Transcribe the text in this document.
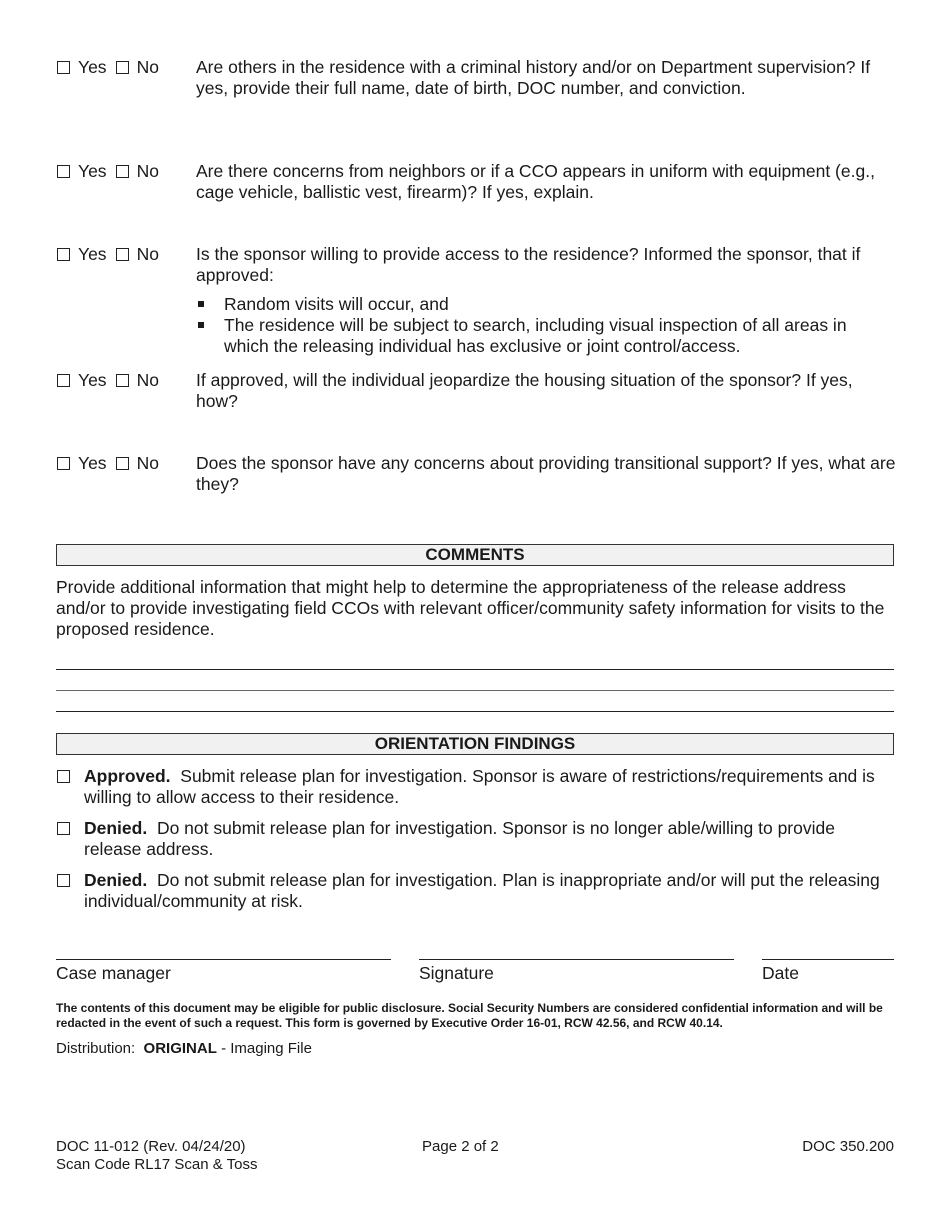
Yes No	Are others in the residence with a criminal history and/or on Department supervision? If yes, provide their full name, date of birth, DOC number, and conviction.
Yes No	Are there concerns from neighbors or if a CCO appears in uniform with equipment (e.g., cage vehicle, ballistic vest, firearm)? If yes, explain.
Yes No	Is the sponsor willing to provide access to the residence? Informed the sponsor, that if approved:
Random visits will occur, and
The residence will be subject to search, including visual inspection of all areas in which the releasing individual has exclusive or joint control/access.
Yes No	If approved, will the individual jeopardize the housing situation of the sponsor? If yes, how?
Yes No	Does the sponsor have any concerns about providing transitional support? If yes, what are they?
COMMENTS
Provide additional information that might help to determine the appropriateness of the release address and/or to provide investigating field CCOs with relevant officer/community safety information for visits to the proposed residence.
ORIENTATION FINDINGS
Approved. Submit release plan for investigation. Sponsor is aware of restrictions/requirements and is willing to allow access to their residence.
Denied. Do not submit release plan for investigation. Sponsor is no longer able/willing to provide release address.
Denied. Do not submit release plan for investigation. Plan is inappropriate and/or will put the releasing individual/community at risk.
Case manager	Signature	Date
The contents of this document may be eligible for public disclosure. Social Security Numbers are considered confidential information and will be redacted in the event of such a request. This form is governed by Executive Order 16-01, RCW 42.56, and RCW 40.14.
Distribution: ORIGINAL - Imaging File
DOC 11-012 (Rev. 04/24/20)
Scan Code RL17 Scan & Toss
Page 2 of 2	DOC 350.200
